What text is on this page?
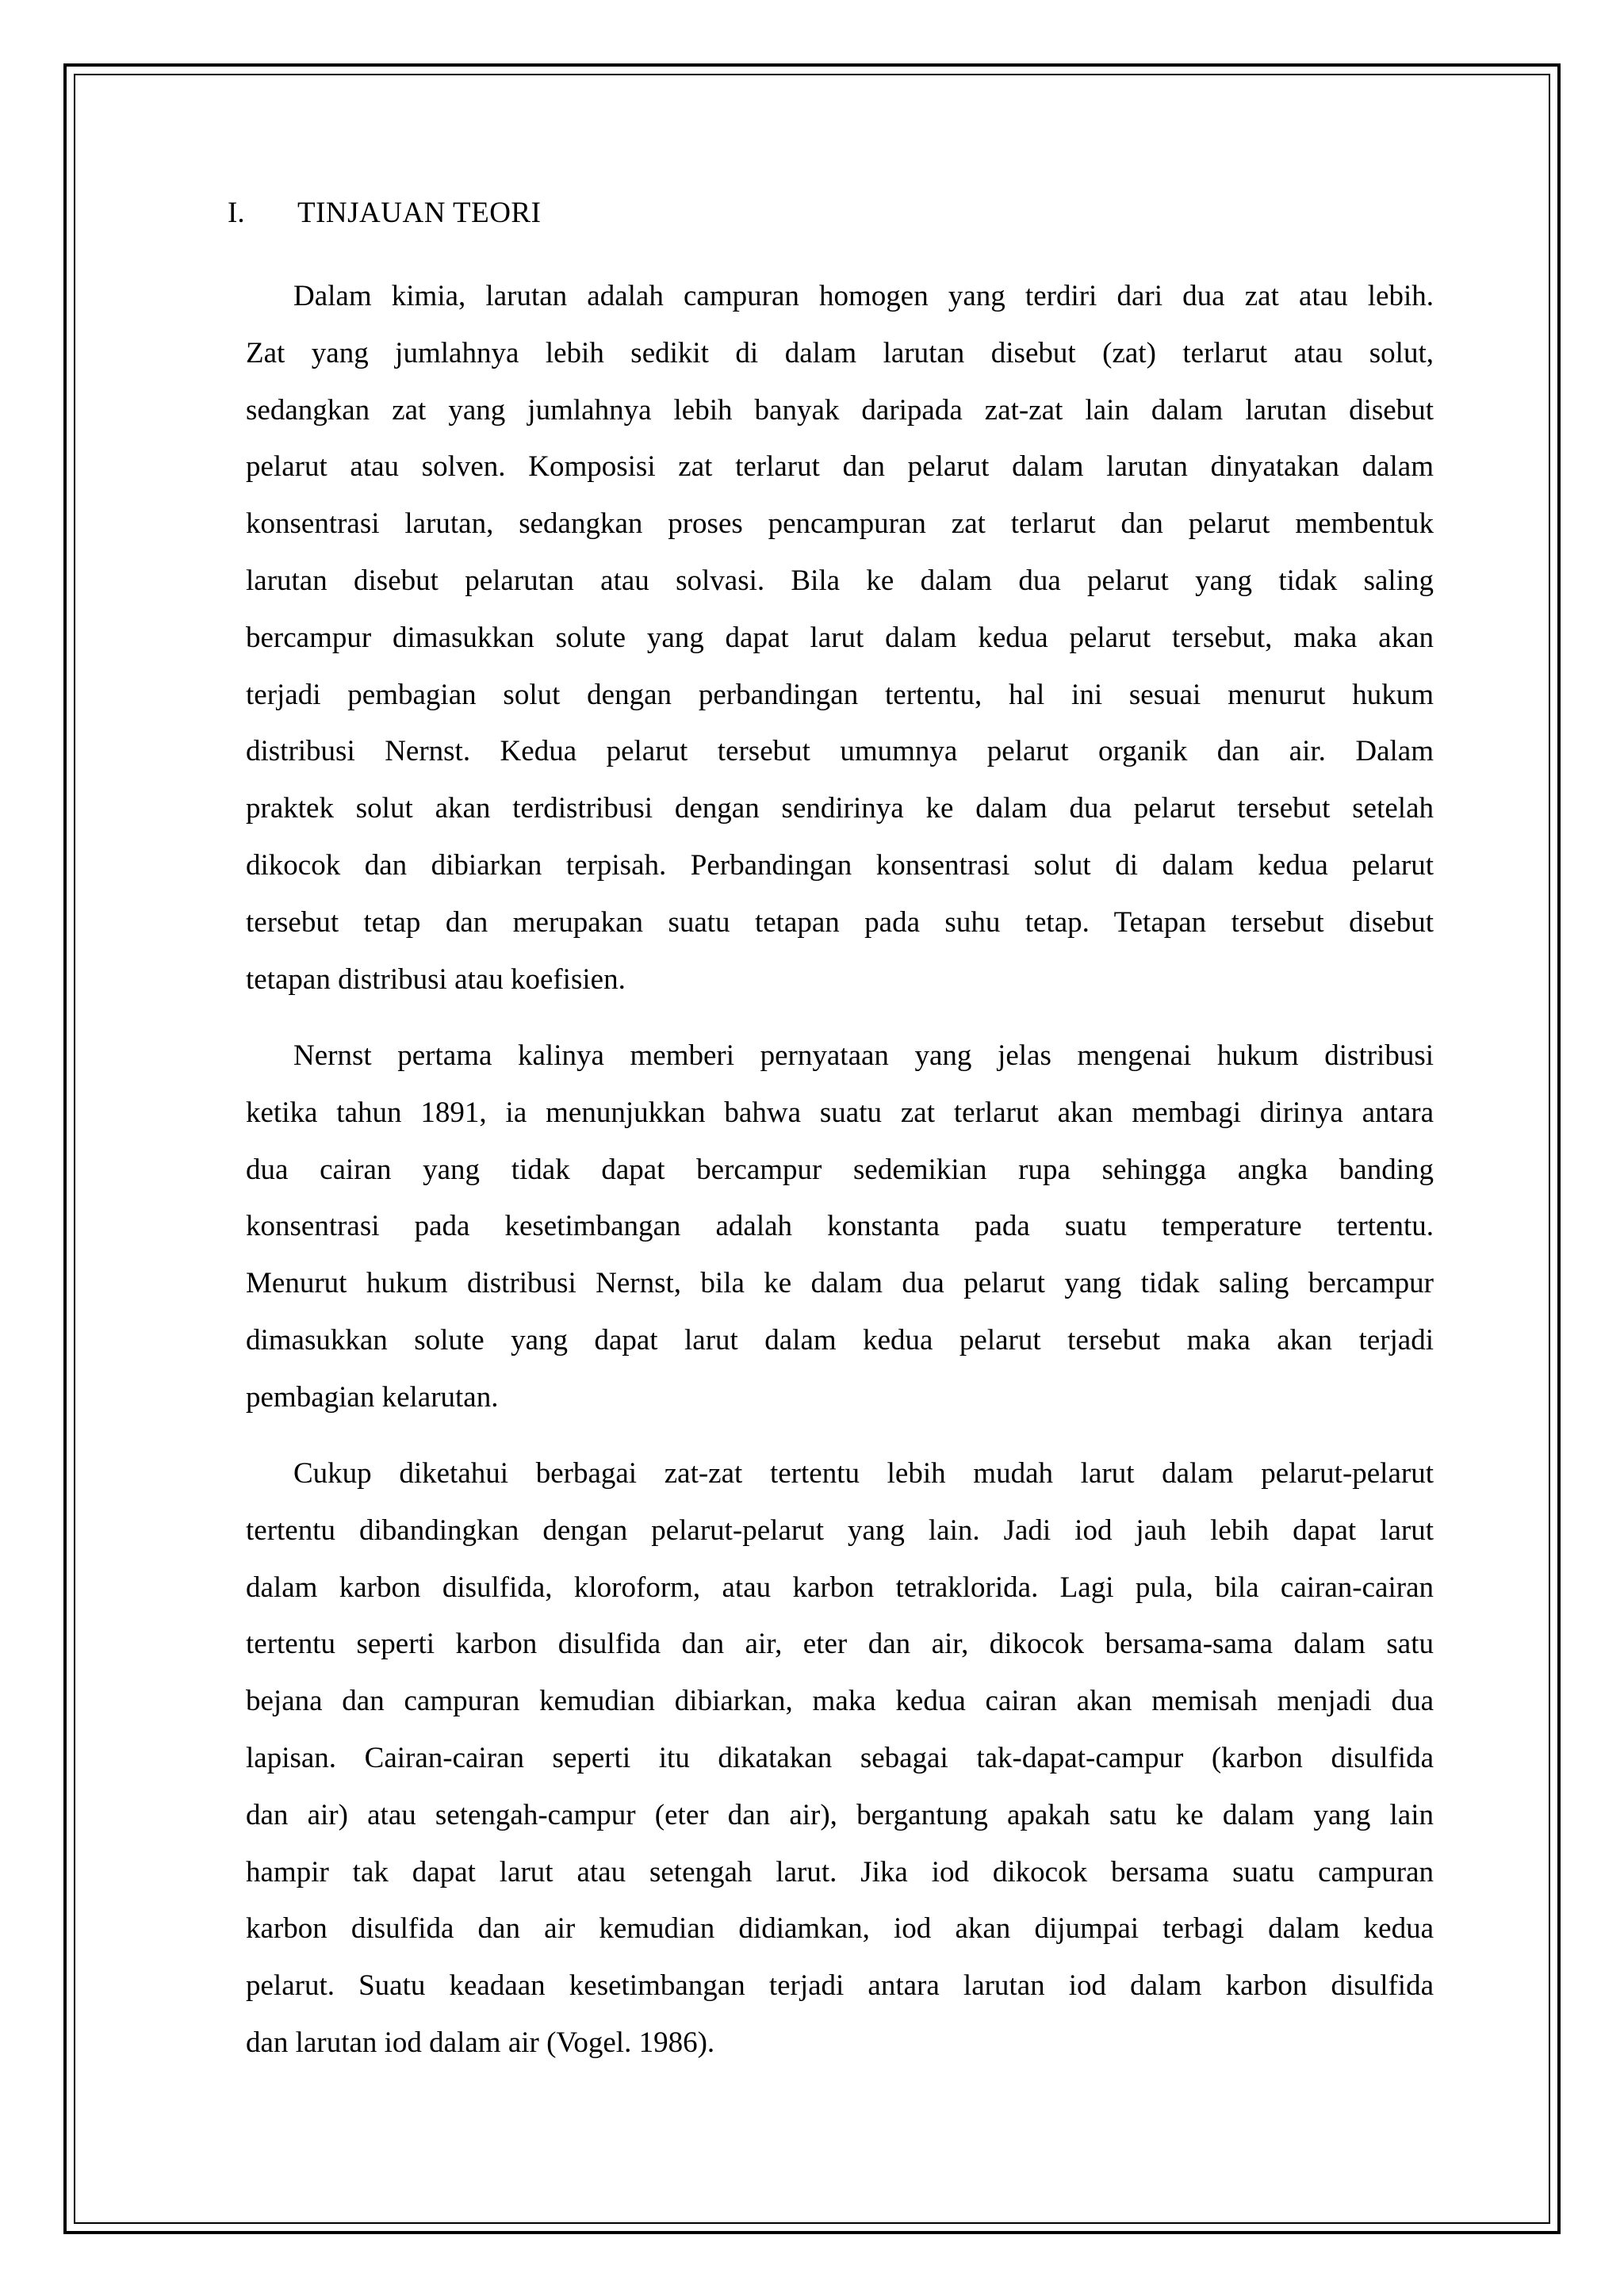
I. TINJAUAN TEORI
Dalam kimia, larutan adalah campuran homogen yang terdiri dari dua zat atau lebih.
Zat yang jumlahnya lebih sedikit di dalam larutan disebut (zat) terlarut atau solut,
sedangkan zat yang jumlahnya lebih banyak daripada zat-zat lain dalam larutan disebut
pelarut atau solven. Komposisi zat terlarut dan pelarut dalam larutan dinyatakan dalam
konsentrasi larutan, sedangkan proses pencampuran zat terlarut dan pelarut membentuk
larutan disebut pelarutan atau solvasi. Bila ke dalam dua pelarut yang tidak saling
bercampur dimasukkan solute yang dapat larut dalam kedua pelarut tersebut, maka akan
terjadi pembagian solut dengan perbandingan tertentu, hal ini sesuai menurut hukum
distribusi Nernst. Kedua pelarut tersebut umumnya pelarut organik dan air. Dalam
praktek solut akan terdistribusi dengan sendirinya ke dalam dua pelarut tersebut setelah
dikocok dan dibiarkan terpisah. Perbandingan konsentrasi solut di dalam kedua pelarut
tersebut tetap dan merupakan suatu tetapan pada suhu tetap. Tetapan tersebut disebut
tetapan distribusi atau koefisien.
Nernst pertama kalinya memberi pernyataan yang jelas mengenai hukum distribusi
ketika tahun 1891, ia menunjukkan bahwa suatu zat terlarut akan membagi dirinya antara
dua cairan yang tidak dapat bercampur sedemikian rupa sehingga angka banding
konsentrasi pada kesetimbangan adalah konstanta pada suatu temperature tertentu.
Menurut hukum distribusi Nernst, bila ke dalam dua pelarut yang tidak saling bercampur
dimasukkan solute yang dapat larut dalam kedua pelarut tersebut maka akan terjadi
pembagian kelarutan.
Cukup diketahui berbagai zat-zat tertentu lebih mudah larut dalam pelarut-pelarut
tertentu dibandingkan dengan pelarut-pelarut yang lain. Jadi iod jauh lebih dapat larut
dalam karbon disulfida, kloroform, atau karbon tetraklorida. Lagi pula, bila cairan-cairan
tertentu seperti karbon disulfida dan air, eter dan air, dikocok bersama-sama dalam satu
bejana dan campuran kemudian dibiarkan, maka kedua cairan akan memisah menjadi dua
lapisan. Cairan-cairan seperti itu dikatakan sebagai tak-dapat-campur (karbon disulfida
dan air) atau setengah-campur (eter dan air), bergantung apakah satu ke dalam yang lain
hampir tak dapat larut atau setengah larut. Jika iod dikocok bersama suatu campuran
karbon disulfida dan air kemudian didiamkan, iod akan dijumpai terbagi dalam kedua
pelarut. Suatu keadaan kesetimbangan terjadi antara larutan iod dalam karbon disulfida
dan larutan iod dalam air (Vogel. 1986).
